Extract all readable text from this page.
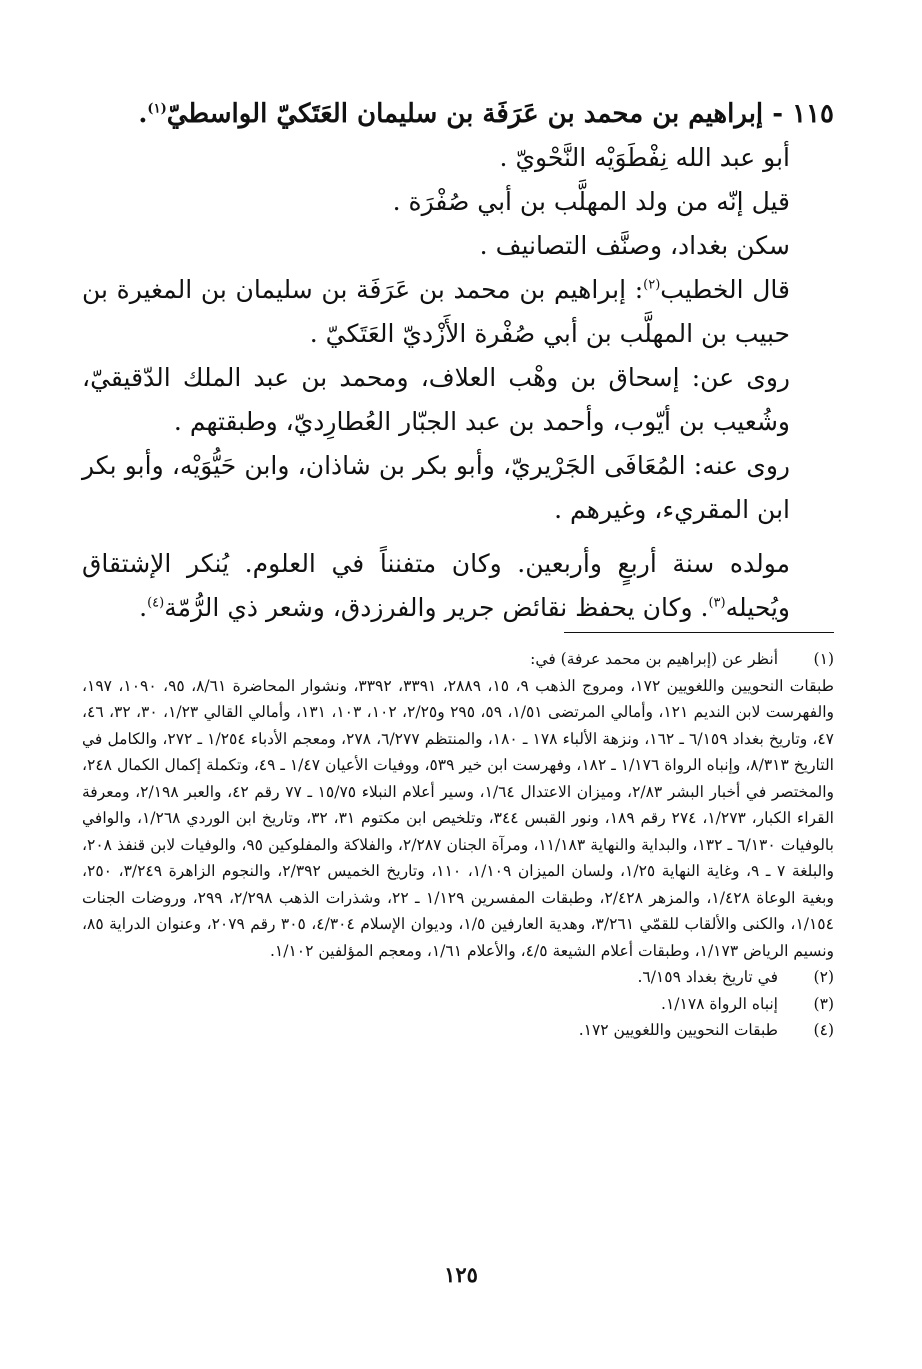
١١٥ - إبراهيم بن محمد بن عَرَفَة بن سليمان العَتَكيّ الواسطيّ$^{(١)}$.

أبو عبد الله نِفْطَوَيْه النَّحْويّ .

قيل إنّه من ولد المهلَّب بن أبي صُفْرَة .

سكن بغداد، وصنَّف التصانيف .

قال الخطيب$^{(٢)}$: إبراهيم بن محمد بن عَرَفَة بن سليمان بن المغيرة بن حبيب بن المهلَّب بن أبي صُفْرة الأَزْديّ العَتَكيّ .

روى عن: إسحاق بن وهْب العلاف، ومحمد بن عبد الملك الدّقيقيّ، وشُعيب بن أيّوب، وأحمد بن عبد الجبّار العُطارِديّ، وطبقتهم .

روى عنه: المُعَافَى الجَرْيريّ، وأبو بكر بن شاذان، وابن حَيُّوَيْه، وأبو بكر ابن المقريء، وغيرهم .

مولده سنة أربعٍ وأربعين. وكان متفنناً في العلوم. يُنكر الإشتقاق ويُحيله$^{(٣)}$. وكان يحفظ نقائض جرير والفرزدق، وشعر ذي الرُّمّة$^{(٤)}$.

(١)
أنظر عن (إبراهيم بن محمد عرفة) في:
طبقات النحويين واللغويين ١٧٢، ومروج الذهب ٩، ١٥، ٢٨٨٩، ٣٣٩١، ٣٣٩٢، ونشوار المحاضرة ٨/٦١، ٩٥، ١٠٩٠، ١٩٧، والفهرست لابن النديم ١٢١، وأمالي المرتضى ١/٥١، ٥٩، ٢٩٥ و٢/٢٥، ١٠٢، ١٠٣، ١٣١، وأمالي القالي ١/٢٣، ٣٠، ٣٢، ٤٦، ٤٧، وتاريخ بغداد ٦/١٥٩ ـ ١٦٢، ونزهة الألباء ١٧٨ ـ ١٨٠، والمنتظم ٦/٢٧٧، ٢٧٨، ومعجم الأدباء ١/٢٥٤ ـ ٢٧٢، والكامل في التاريخ ٨/٣١٣، وإنباه الرواة ١/١٧٦ ـ ١٨٢، وفهرست ابن خير ٥٣٩، ووفيات الأعيان ١/٤٧ ـ ٤٩، وتكملة إكمال الكمال ٢٤٨، والمختصر في أخبار البشر ٢/٨٣، وميزان الاعتدال ١/٦٤، وسير أعلام النبلاء ١٥/٧٥ ـ ٧٧ رقم ٤٢، والعبر ٢/١٩٨، ومعرفة القراء الكبار، ١/٢٧٣، ٢٧٤ رقم ١٨٩، ونور القبس ٣٤٤، وتلخيص ابن مكتوم ٣١، ٣٢، وتاريخ ابن الوردي ١/٢٦٨، والوافي بالوفيات ٦/١٣٠ ـ ١٣٢، والبداية والنهاية ١١/١٨٣، ومرآة الجنان ٢/٢٨٧، والفلاكة والمفلوكين ٩٥، والوفيات لابن قنفذ ٢٠٨، والبلغة ٧ ـ ٩، وغاية النهاية ١/٢٥، ولسان الميزان ١/١٠٩، ١١٠، وتاريخ الخميس ٢/٣٩٢، والنجوم الزاهرة ٣/٢٤٩، ٢٥٠، وبغية الوعاة ١/٤٢٨، والمزهر ٢/٤٢٨، وطبقات المفسرين ١/١٢٩ ـ ٢٢، وشذرات الذهب ٢/٢٩٨، ٢٩٩، وروضات الجنات ١/١٥٤، والكنى والألقاب للقمّي ٣/٢٦١، وهدية العارفين ١/٥، وديوان الإسلام ٤/٣٠٤، ٣٠٥ رقم ٢٠٧٩، وعنوان الدراية ٨٥، ونسيم الرياض ١/١٧٣، وطبقات أعلام الشيعة ٤/٥، والأعلام ١/٦١، ومعجم المؤلفين ١/١٠٢.
(٢)
في تاريخ بغداد ٦/١٥٩.
(٣)
إنباه الرواة ١/١٧٨.
(٤)
طبقات النحويين واللغويين ١٧٢.
١٢٥
